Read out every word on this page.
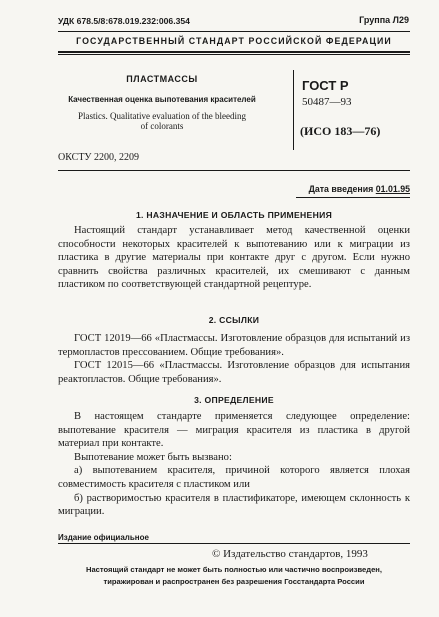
УДК 678.5/8:678.019.232:006.354	Группа Л29
ГОСУДАРСТВЕННЫЙ СТАНДАРТ РОССИЙСКОЙ ФЕДЕРАЦИИ
ПЛАСТМАССЫ
Качественная оценка выпотевания красителей
Plastics. Qualitative evaluation of the bleeding
of colorants
ГОСТ Р
50487—93
(ИСО 183—76)
ОКСТУ 2200, 2209
Дата введения 01.01.95
1. НАЗНАЧЕНИЕ И ОБЛАСТЬ ПРИМЕНЕНИЯ

Настоящий стандарт устанавливает метод качественной оценки способности некоторых красителей к выпотеванию или к миграции из пластика в другие материалы при контакте друг с другом. Если нужно сравнить свойства различных красителей, их смешивают с данным пластиком по соответствующей стандартной рецептуре.

2. ССЫЛКИ
ГОСТ 12019—66 «Пластмассы. Изготовление образцов для испытаний из термопластов прессованием. Общие требования».
ГОСТ 12015—66 «Пластмассы. Изготовление образцов для испытания реактопластов. Общие требования».
3. ОПРЕДЕЛЕНИЕ

В настоящем стандарте применяется следующее определение: выпотевание красителя — миграция красителя из пластика в другой материал при контакте.

Выпотевание может быть вызвано:

а) выпотеванием красителя, причиной которого является плохая совместимость красителя с пластиком или

б) растворимостью красителя в пластификаторе, имеющем склонность к миграции.

Издание официальное
© Издательство стандартов, 1993
Настоящий стандарт не может быть полностью или частично воспроизведен,
тиражирован и распространен без разрешения Госстандарта России
